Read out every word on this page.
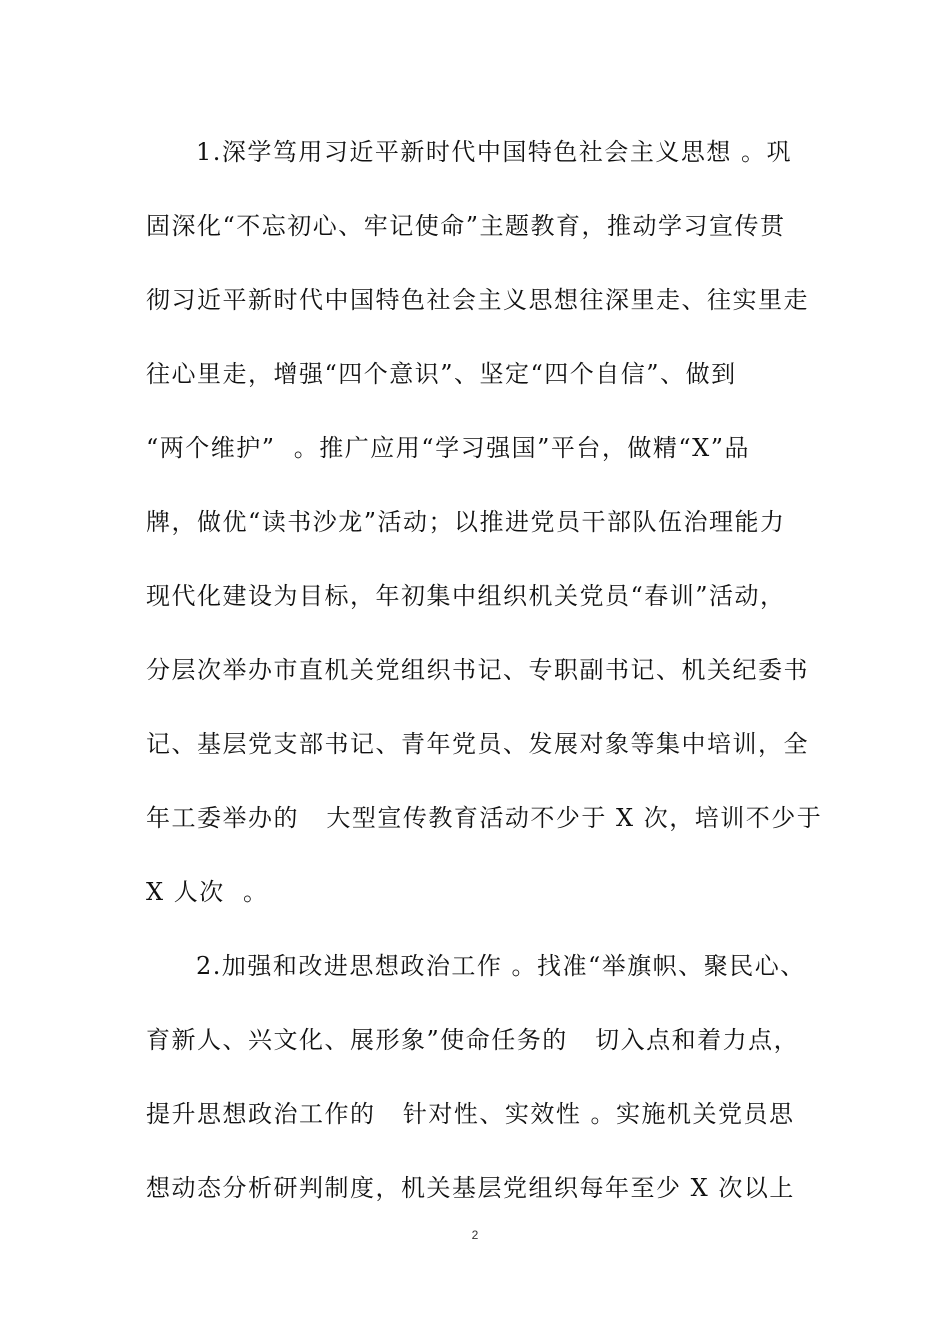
1.深学笃用习近平新时代中国特色社会主义思想 。巩
固深化“不忘初心、牢记使命”主题教育，推动学习宣传贯
彻习近平新时代中国特色社会主义思想往深里走、往实里走
往心里走，增强“四个意识”、坚定“四个自信”、做到
“两个维护”  。推广应用“学习强国”平台，做精“X”品
牌，做优“读书沙龙”活动；以推进党员干部队伍治理能力
现代化建设为目标，年初集中组织机关党员“春训”活动，
分层次举办市直机关党组织书记、专职副书记、机关纪委书
记、基层党支部书记、青年党员、发展对象等集中培训，全
年工委举办的   大型宣传教育活动不少于 X 次，培训不少于
X 人次  。
2.加强和改进思想政治工作 。找准“举旗帜、聚民心、
育新人、兴文化、展形象”使命任务的   切入点和着力点，
提升思想政治工作的   针对性、实效性 。实施机关党员思
想动态分析研判制度，机关基层党组织每年至少 X 次以上
2
